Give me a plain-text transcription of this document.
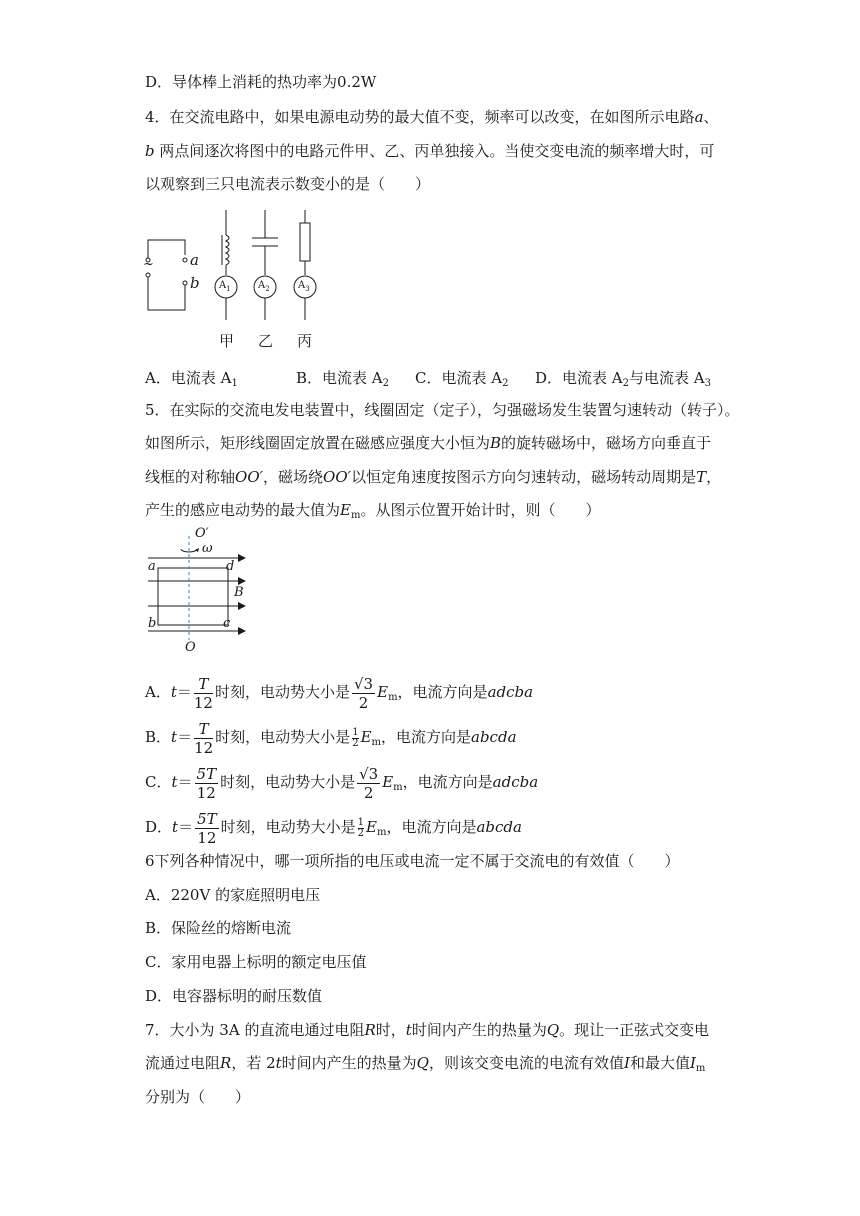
D．导体棒上消耗的热功率为0.2W
4．在交流电路中，如果电源电动势的最大值不变，频率可以改变，在如图所示电路a、
b 两点间逐次将图中的电路元件甲、乙、丙单独接入。当使交变电流的频率增大时，可
以观察到三只电流表示数变小的是（　　）
~ a
b $A_1$	$A_2$	$A_3$
甲 乙 丙
A．电流表 $A_1$	B．电流表 $A_2$ C．电流表 $A_2$ D．电流表 $A_2$与电流表 $A_3$
5．在实际的交流电发电装置中，线圈固定（定子），匀强磁场发生装置匀速转动（转子）。
如图所示，矩形线圈固定放置在磁感应强度大小恒为B的旋转磁场中，磁场方向垂直于
线框的对称轴OO′，磁场绕OO′以恒定角速度按图示方向匀速转动，磁场转动周期是T，
产生的感应电动势的最大值为$E_m$。从图示位置开始计时，则（　　）
O′
ω
a	d
B
b	c
O
A．$t= \frac{T}{12}$ 时刻，电动势大小是 $\frac{√3}{2} E_m$，电流方向是adcba
B．$t= \frac{T}{12}$ 时刻，电动势大小是 $\frac{1}{2} E_m$，电流方向是abcda
C．$t= \frac{5T}{12}$ 时刻，电动势大小是 $\frac{√3}{2} E_m$，电流方向是adcba
D．$t= \frac{5T}{12}$ 时刻，电动势大小是 $\frac{1}{2} E_m$，电流方向是abcda
6下列各种情况中，哪一项所指的电压或电流一定不属于交流电的有效值（　　）
A．220V 的家庭照明电压
B．保险丝的熔断电流
C．家用电器上标明的额定电压值
D．电容器标明的耐压数值
7．大小为 3A 的直流电通过电阻R时，t时间内产生的热量为Q。现让一正弦式交变电
流通过电阻R，若 2t时间内产生的热量为Q，则该交变电流的电流有效值I和最大值$I_m$
分别为（　　）
